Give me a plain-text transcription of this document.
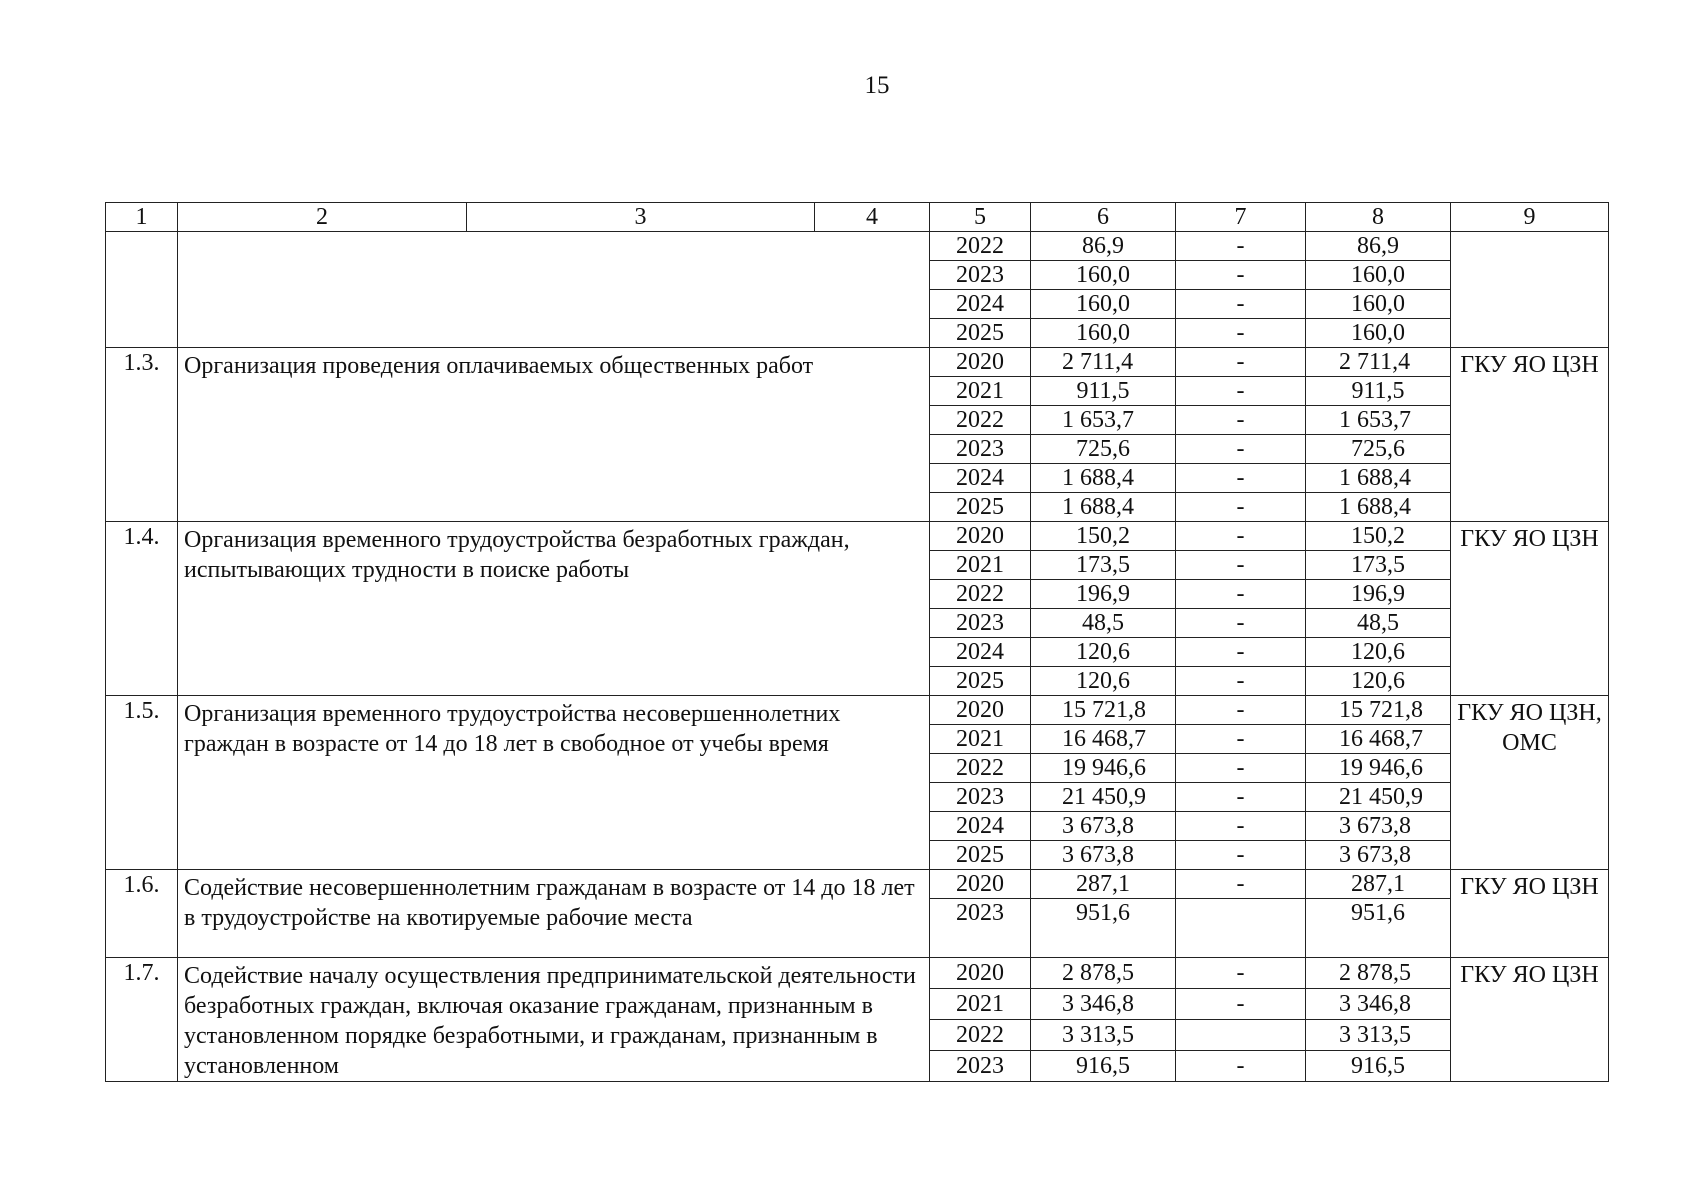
15
1	2	3	4	5	6	7	8	9
				2022	86,9	-	86,9	
				2023	160,0	-	160,0	
				2024	160,0	-	160,0	
				2025	160,0	-	160,0	
1.3.	Организация проведения оплачиваемых общественных работ			2020	2 711,4	-	2 711,4	ГКУ ЯО ЦЗН
				2021	911,5	-	911,5	
				2022	1 653,7	-	1 653,7	
				2023	725,6	-	725,6	
				2024	1 688,4	-	1 688,4	
				2025	1 688,4	-	1 688,4	
1.4.	Организация временного трудоустройства безработных граждан, испытывающих трудности в поиске работы			2020	150,2	-	150,2	ГКУ ЯО ЦЗН
				2021	173,5	-	173,5	
				2022	196,9	-	196,9	
				2023	48,5	-	48,5	
				2024	120,6	-	120,6	
				2025	120,6	-	120,6	
1.5.	Организация временного трудоустройства несовершеннолетних граждан в возрасте от 14 до 18 лет в свободное от учебы время			2020	15 721,8	-	15 721,8	ГКУ ЯО ЦЗН, ОМС
				2021	16 468,7	-	16 468,7	
				2022	19 946,6	-	19 946,6	
				2023	21 450,9	-	21 450,9	
				2024	3 673,8	-	3 673,8	
				2025	3 673,8	-	3 673,8	
1.6.	Содействие несовершеннолетним гражданам в возрасте от 14 до 18 лет в трудоустройстве на квотируемые рабочие места			2020	287,1	-	287,1	ГКУ ЯО ЦЗН
				2023	951,6		951,6	
1.7.	Содействие началу осуществления предпринимательской деятельности безработных граждан, включая оказание гражданам, признанным в установленном порядке безработными, и гражданам, признанным в установленном			2020	2 878,5	-	2 878,5	ГКУ ЯО ЦЗН
				2021	3 346,8	-	3 346,8	
				2022	3 313,5		3 313,5	
				2023	916,5	-	916,5	
